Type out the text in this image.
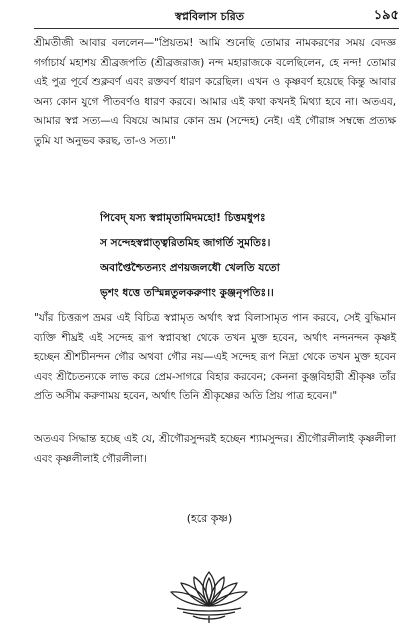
স্বপ্নবিলাস চরিত	১৯৫

শ্রীমতীজী আবার বললেন—"প্রিয়তম! আমি শুনেছি তোমার নামকরণের সময় বেদজ্ঞ গর্গাচার্য মহাশয় শ্রীব্রজপতি (শ্রীব্রজরাজ) নন্দ মহারাজকে বলেছিলেন, হে নন্দ! তোমার এই পুত্র পূর্বে শুক্লবর্ণ এবং রক্তবর্ণ ধারণ করেছিল। এখন ও কৃষ্ণবর্ণ হয়েছে কিন্তু আবার অন্য কোন যুগে পীতবর্ণও ধারণ করবে। আমার এই কথা কখনই মিথ্যা হবে না। অতএব, আমার স্বপ্ন সত্য—এ বিষয়ে আমার কোন ভ্রম (সন্দেহ) নেই। এই গৌরাঙ্গ সম্বন্ধে প্রত্যক্ষ তুমি যা অনুভব করছ, তা-ও সত্য।"

পিবেদ্ যস্য স্বপ্নামৃতামিদমহো! চিত্তমধুপঃ
স সন্দেহস্বপ্নাত্ত্বরিতমিহ জাগর্তি সুমতিঃ।
অবাপ্তৈশ্চৈতন্যং প্রণয়জলধৌ খেলতি যতো
ভৃশং ধত্তে তস্মিন্নতুলকরুণাং কুঞ্জনৃপতিঃ।।

"যাঁর চিত্তরূপ ভ্রমর এই বিচিত্র স্বপ্নামৃত অর্থাৎ স্বপ্ন বিলাসামৃত পান করবে, সেই বুদ্ধিমান ব্যক্তি শীঘ্রই এই সন্দেহ রূপ স্বপ্নাবস্থা থেকে তখন মুক্ত হবেন, অর্থাৎ নন্দনন্দন কৃষ্ণই হচ্ছেন শ্রীশচীনন্দন গৌর অথবা গৌর নয়—এই সন্দেহ রূপ নিদ্রা থেকে তখন মুক্ত হবেন এবং শ্রীচৈতন্যকে লাভ করে প্রেম-সাগরে বিহার করবেন; কেননা কুঞ্জবিহারী শ্রীকৃষ্ণ তাঁর প্রতি অসীম করুণাময় হবেন, অর্থাৎ তিনি শ্রীকৃষ্ণের অতি প্রিয় পাত্র হবেন।"

অতএব সিদ্ধান্ত হচ্ছে এই যে, শ্রীগৌরসুন্দরই হচ্ছেন শ্যামসুন্দর। শ্রীগৌরলীলাই কৃষ্ণলীলা এবং কৃষ্ণলীলাই গৌরলীলা।

(হরে কৃষ্ণ)
